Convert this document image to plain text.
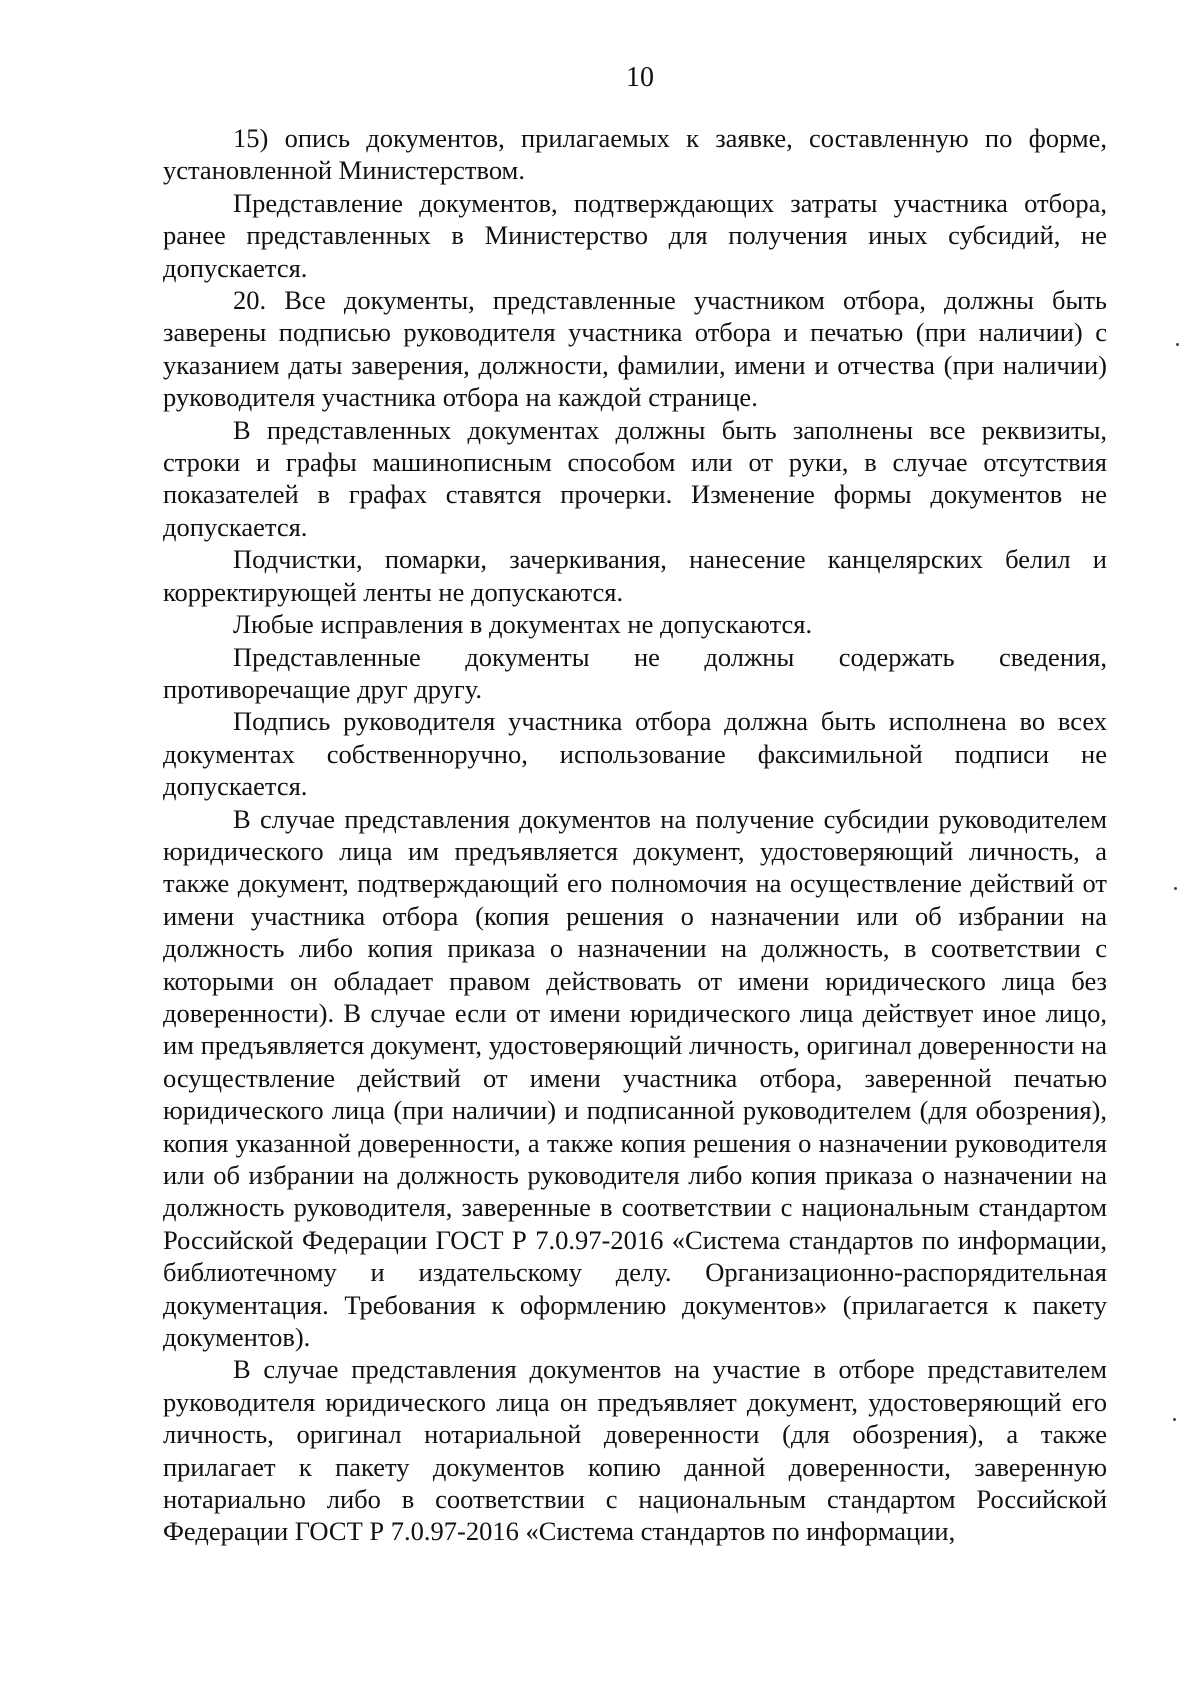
10

15) опись документов, прилагаемых к заявке, составленную по форме, установленной Министерством.

Представление документов, подтверждающих затраты участника отбора, ранее представленных в Министерство для получения иных субсидий, не допускается.

20. Все документы, представленные участником отбора, должны быть заверены подписью руководителя участника отбора и печатью (при наличии) с указанием даты заверения, должности, фамилии, имени и отчества (при наличии) руководителя участника отбора на каждой странице.

В представленных документах должны быть заполнены все реквизиты, строки и графы машинописным способом или от руки, в случае отсутствия показателей в графах ставятся прочерки. Изменение формы документов не допускается.

Подчистки, помарки, зачеркивания, нанесение канцелярских белил и корректирующей ленты не допускаются.

Любые исправления в документах не допускаются.

Представленные документы не должны содержать сведения, противоречащие друг другу.

Подпись руководителя участника отбора должна быть исполнена во всех документах собственноручно, использование факсимильной подписи не допускается.

В случае представления документов на получение субсидии руководителем юридического лица им предъявляется документ, удостоверяющий личность, а также документ, подтверждающий его полномочия на осуществление действий от имени участника отбора (копия решения о назначении или об избрании на должность либо копия приказа о назначении на должность, в соответствии с которыми он обладает правом действовать от имени юридического лица без доверенности). В случае если от имени юридического лица действует иное лицо, им предъявляется документ, удостоверяющий личность, оригинал доверенности на осуществление действий от имени участника отбора, заверенной печатью юридического лица (при наличии) и подписанной руководителем (для обозрения), копия указанной доверенности, а также копия решения о назначении руководителя или об избрании на должность руководителя либо копия приказа о назначении на должность руководителя, заверенные в соответствии с национальным стандартом Российской Федерации ГОСТ Р 7.0.97-2016 «Система стандартов по информации, библиотечному и издательскому делу. Организационно-распорядительная документация. Требования к оформлению документов» (прилагается к пакету документов).

В случае представления документов на участие в отборе представителем руководителя юридического лица он предъявляет документ, удостоверяющий его личность, оригинал нотариальной доверенности (для обозрения), а также прилагает к пакету документов копию данной доверенности, заверенную нотариально либо в соответствии с национальным стандартом Российской Федерации ГОСТ Р 7.0.97-2016 «Система стандартов по информации,
